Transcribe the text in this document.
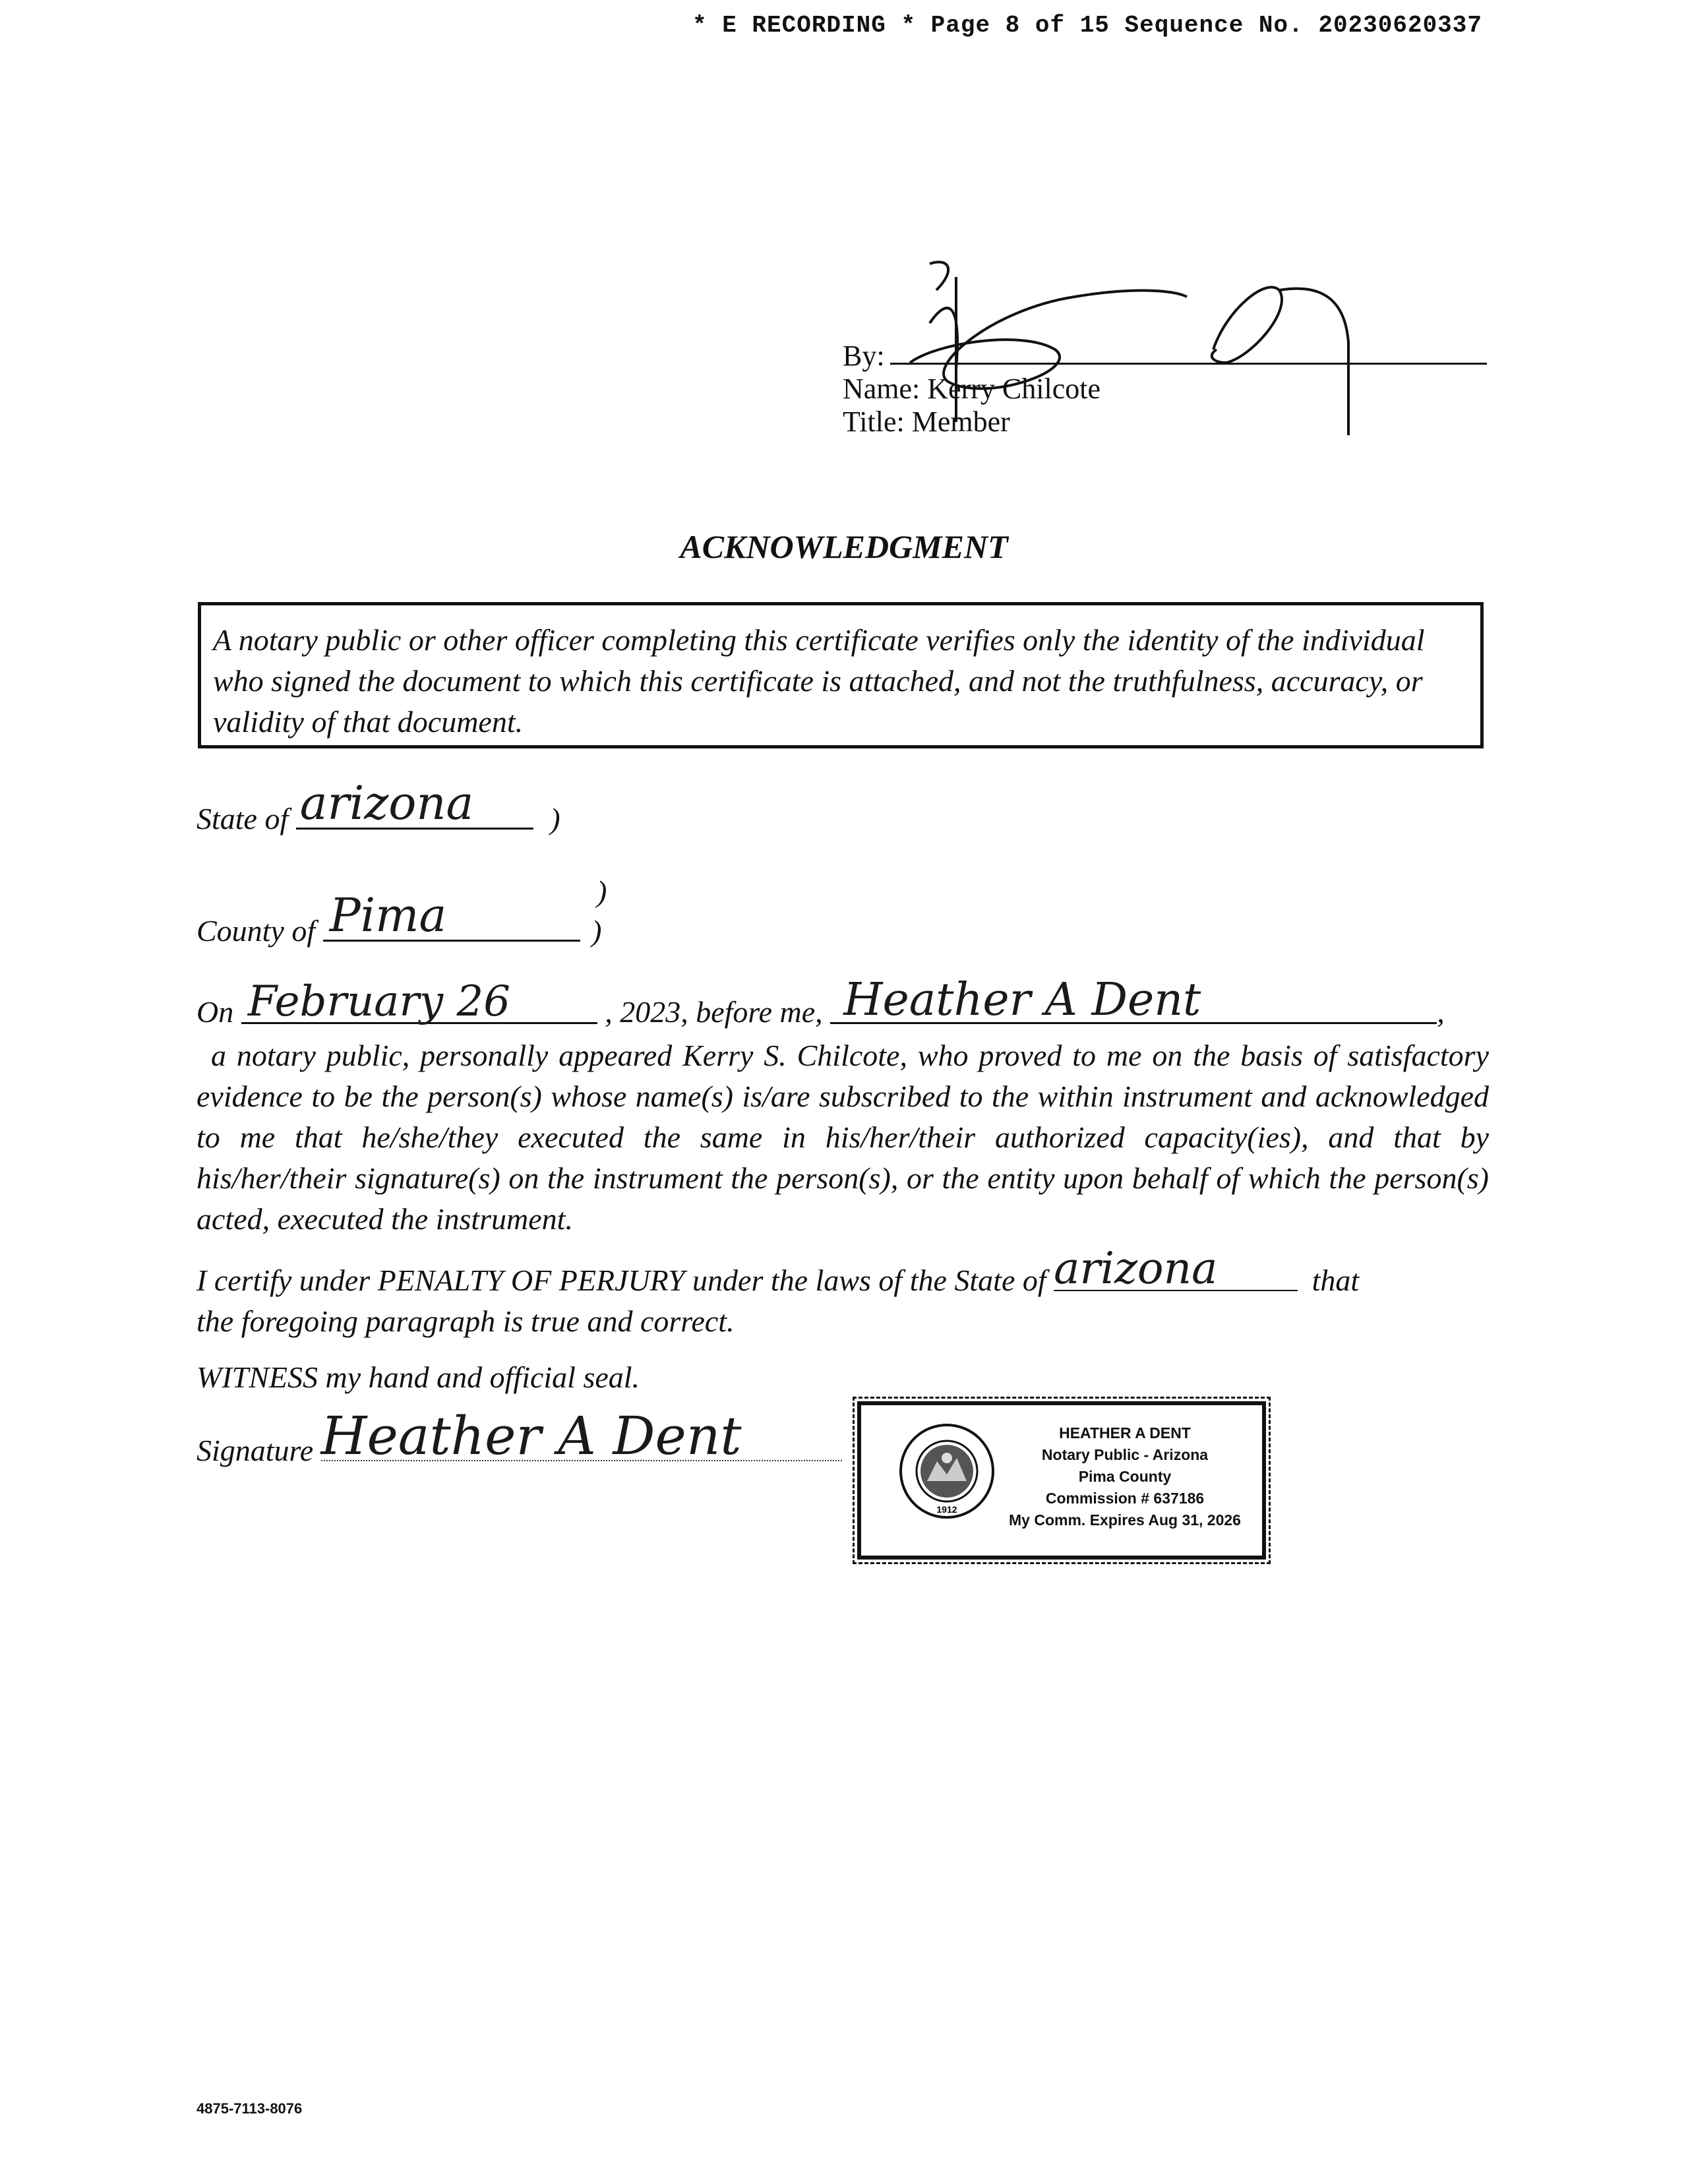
* E RECORDING * Page 8 of 15 Sequence No. 20230620337
By:
Name: Kerry Chilcote
Title: Member
ACKNOWLEDGMENT
A notary public or other officer completing this certificate verifies only the identity of the individual who signed the document to which this certificate is attached, and not the truthfulness, accuracy, or validity of that document.
State of arizona	)
)
County of Pima	)
On February 26	, 2023, before me, Heather A Dent	,
a notary public, personally appeared Kerry S. Chilcote, who proved to me on the basis of satisfactory evidence to be the person(s) whose name(s) is/are subscribed to the within instrument and acknowledged to me that he/she/they executed the same in his/her/their authorized capacity(ies), and that by his/her/their signature(s) on the instrument the person(s), or the entity upon behalf of which the person(s) acted, executed the instrument.
I certify under PENALTY OF PERJURY under the laws of the State of arizona	that
the foregoing paragraph is true and correct.
WITNESS my hand and official seal.
Signature Heather A Dent
1912
HEATHER A DENT
Notary Public - Arizona
Pima County
Commission # 637186
My Comm. Expires Aug 31, 2026
4875-7113-8076
